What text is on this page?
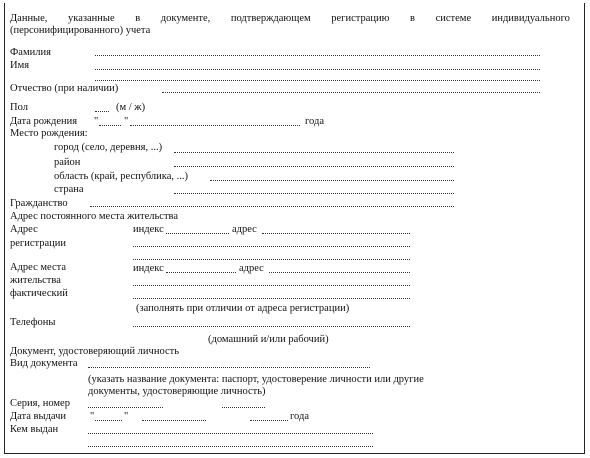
Данные, указанные в документе, подтверждающем регистрацию в системе индивидуального
(персонифицированного) учета
Фамилия
Имя
Отчество (при наличии)
Пол	(м / ж)
Дата рождения " "	года
Место рождения:
город (село, деревня, ...)
район
область (край, республика, ...)
страна
Гражданство
Адрес постоянного места жительства
Адрес
регистрации
индекс	адрес
Адрес места
жительства
фактический
индекс	адрес
(заполнять при отличии от адреса регистрации)
Телефоны
(домашний и/или рабочий)
Документ, удостоверяющий личность
Вид документа
(указать название документа: паспорт, удостоверение личности или другие
документы, удостоверяющие личность)
Серия, номер
Дата выдачи "	"	года
Кем выдан
